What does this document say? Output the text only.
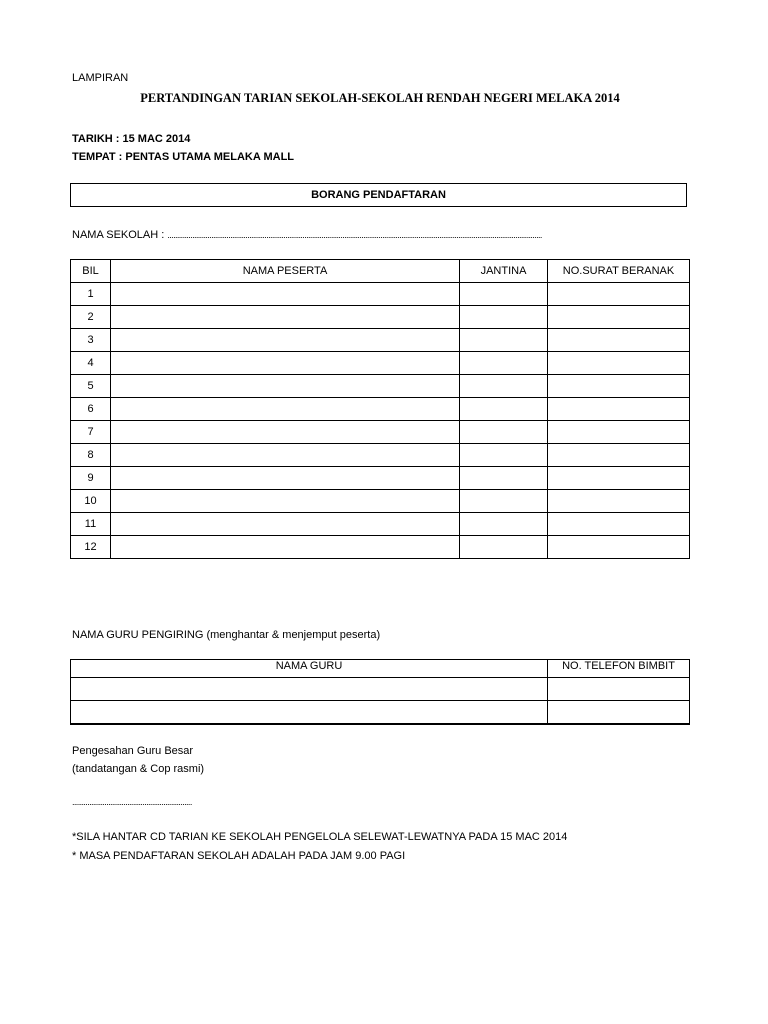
LAMPIRAN
PERTANDINGAN TARIAN SEKOLAH-SEKOLAH RENDAH NEGERI MELAKA 2014
TARIKH : 15 MAC 2014
TEMPAT : PENTAS UTAMA MELAKA MALL
BORANG PENDAFTARAN
NAMA SEKOLAH : .....................................................................................................................................................................................................
BIL	NAMA PESERTA	JANTINA	NO.SURAT BERANAK
1			
2			
3			
4			
5			
6			
7			
8			
9			
10			
11			
12			
NAMA GURU PENGIRING (menghantar & menjemput peserta)
NAMA GURU	NO. TELEFON BIMBIT

Pengesahan Guru Besar
(tandatangan & Cop rasmi)
...............................................................
*SILA HANTAR CD TARIAN KE SEKOLAH PENGELOLA SELEWAT-LEWATNYA PADA 15 MAC 2014
* MASA PENDAFTARAN SEKOLAH ADALAH PADA JAM 9.00 PAGI
